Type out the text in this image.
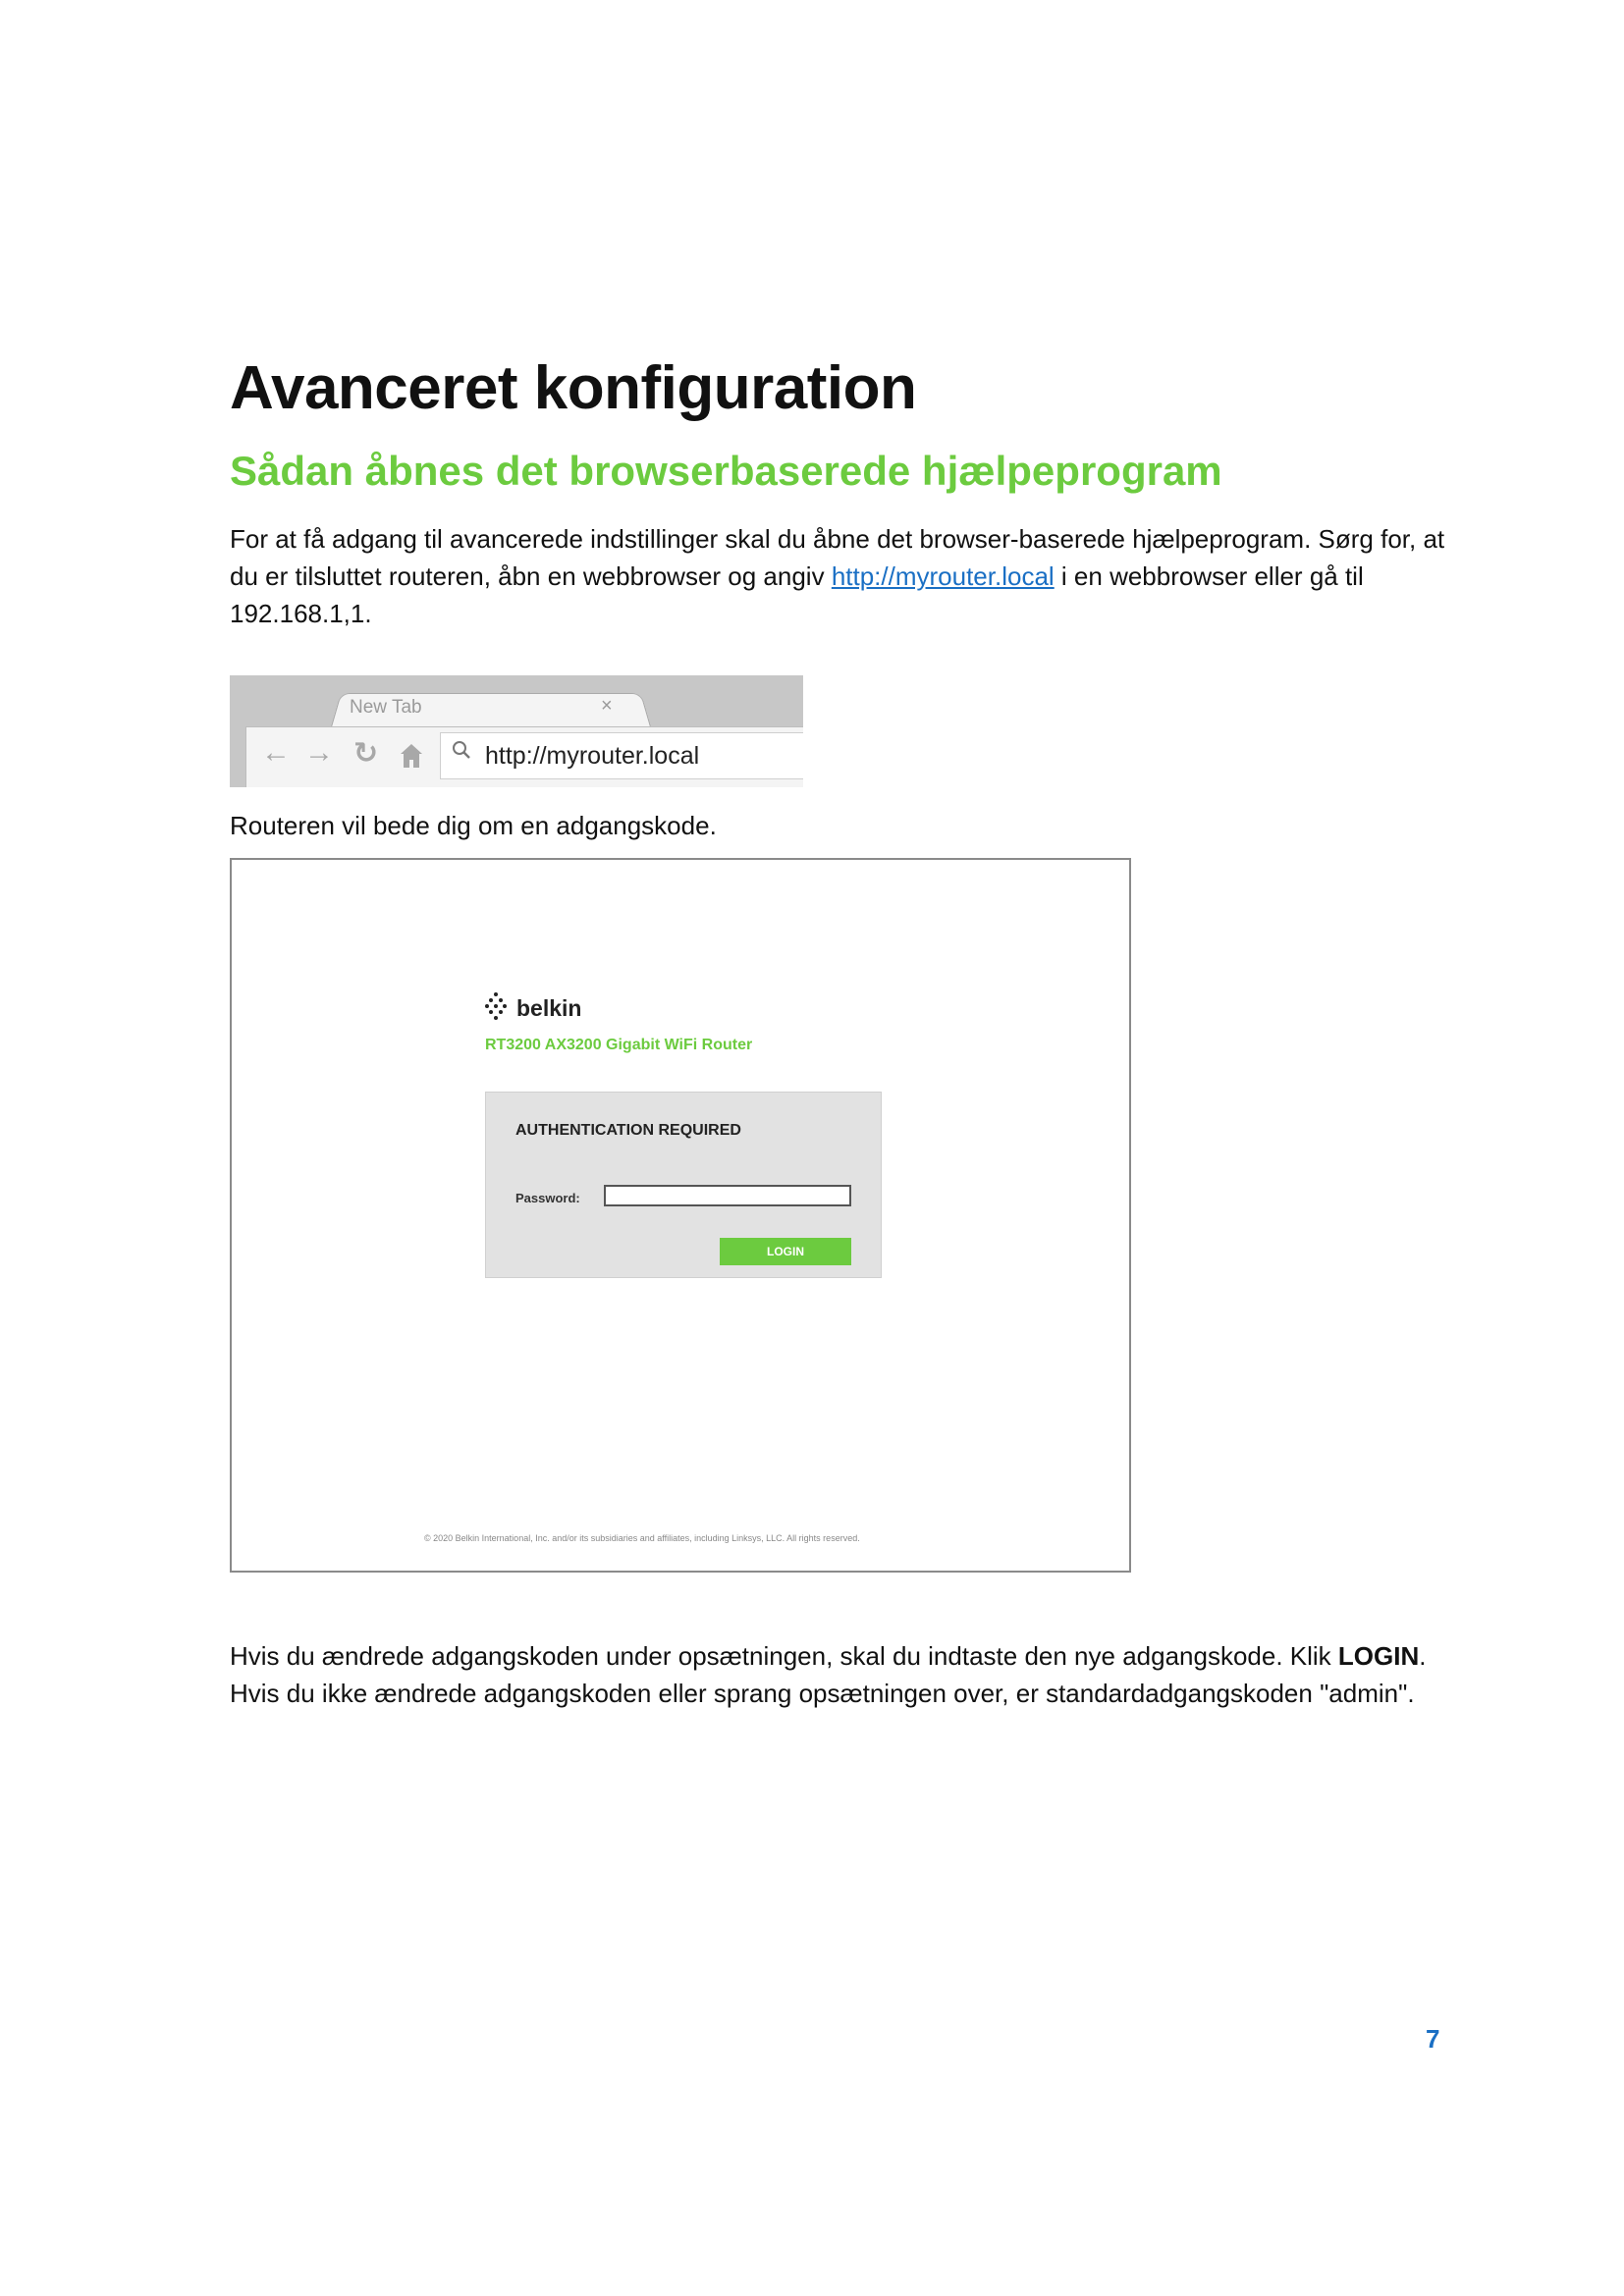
Avanceret konfiguration
Sådan åbnes det browserbaserede hjælpeprogram

For at få adgang til avancerede indstillinger skal du åbne det browser-baserede hjælpeprogram. Sørg for, at du er tilsluttet routeren, åbn en webbrowser og angiv http://myrouter.local i en webbrowser eller gå til 192.168.1,1.

New Tab	×
← → ↻	http://myrouter.local

Routeren vil bede dig om en adgangskode.

belkin
RT3200 AX3200 Gigabit WiFi Router
AUTHENTICATION REQUIRED
Password:
LOGIN
© 2020 Belkin International, Inc. and/or its subsidiaries and affiliates, including Linksys, LLC. All rights reserved.

Hvis du ændrede adgangskoden under opsætningen, skal du indtaste den nye adgangskode. Klik LOGIN. Hvis du ikke ændrede adgangskoden eller sprang opsætningen over, er standardadgangskoden "admin".

7
